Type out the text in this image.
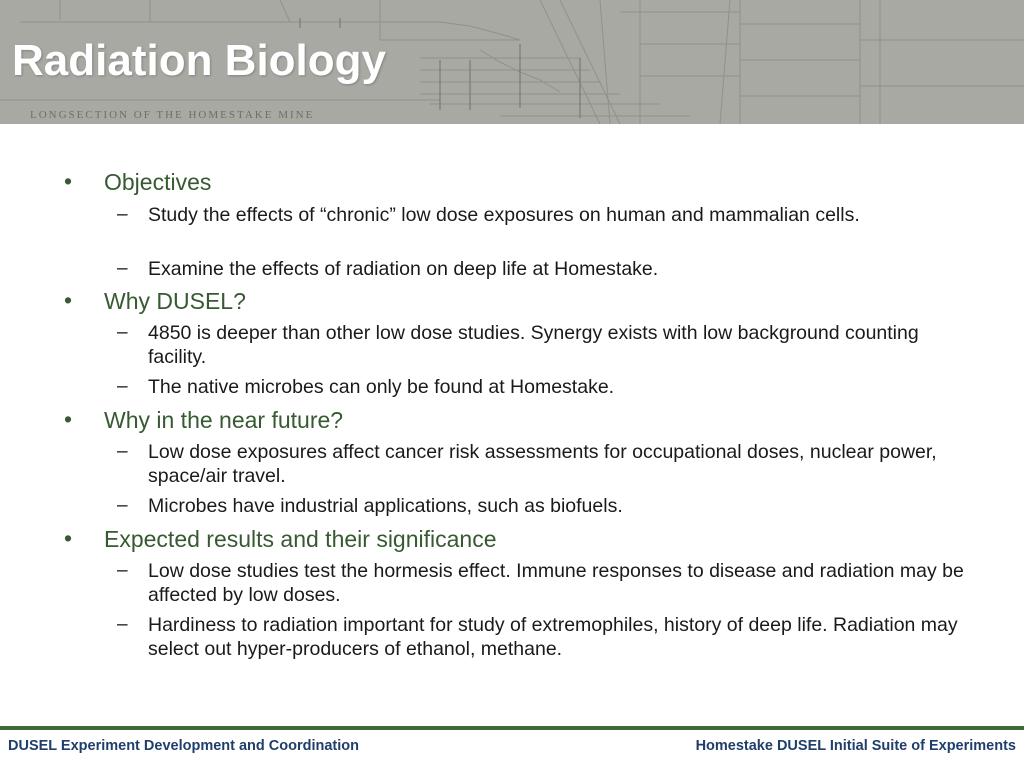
Radiation Biology
LONGSECTION OF THE HOMESTAKE MINE
• Objectives
– Study the effects of “chronic” low dose exposures on human and mammalian cells.
– Examine the effects of radiation on deep life at Homestake.
• Why DUSEL?
– 4850 is deeper than other low dose studies. Synergy exists with low background counting facility.
– The native microbes can only be found at Homestake.
• Why in the near future?
– Low dose exposures affect cancer risk assessments for occupational doses, nuclear power, space/air travel.
– Microbes have industrial applications, such as biofuels.
• Expected results and their significance
– Low dose studies test the hormesis effect. Immune responses to disease and radiation may be affected by low doses.
– Hardiness to radiation important for study of extremophiles, history of deep life. Radiation may select out hyper-producers of ethanol, methane.
DUSEL Experiment Development and Coordination	Homestake DUSEL Initial Suite of Experiments
